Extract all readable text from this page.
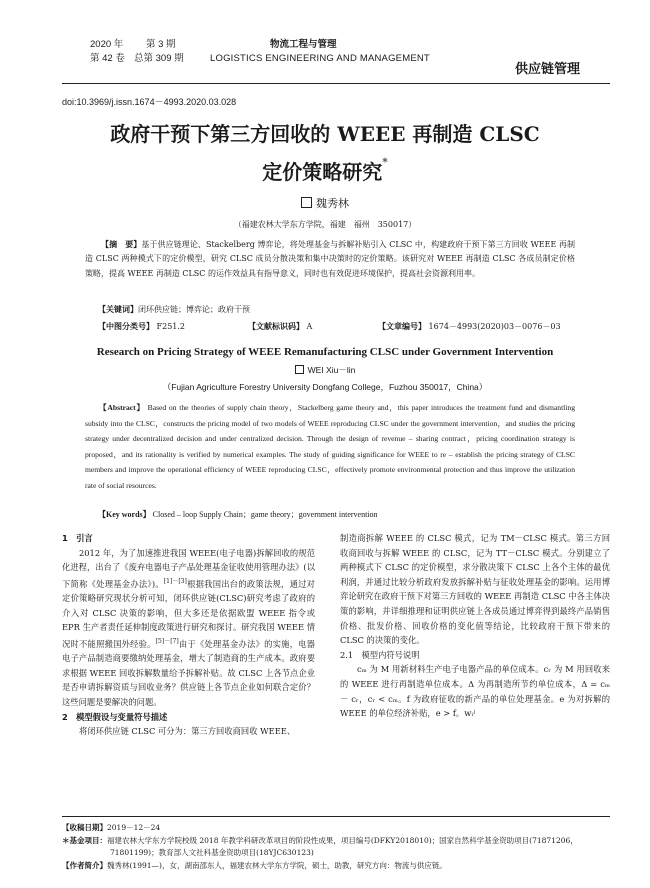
2020 年 第 3 期
第 42 卷 总第 309 期
物流工程与管理
LOGISTICS ENGINEERING AND MANAGEMENT
供应链管理
doi:10.3969/j.issn.1674－4993.2020.03.028
政府干预下第三方回收的 WEEE 再制造 CLSC
定价策略研究*
魏秀林
（福建农林大学东方学院，福建　福州　350017）
【摘　要】基于供应链理论、Stackelberg 博弈论，将处理基金与拆解补贴引入 CLSC 中，构建政府干预下第三方回收 WEEE 再制造 CLSC 两种模式下的定价模型，研究 CLSC 成员分散决策和集中决策时的定价策略。该研究对 WEEE 再制造 CLSC 各成员制定价格策略，提高 WEEE 再制造 CLSC 的运作效益具有指导意义，同时也有效促进环境保护，提高社会资源利用率。
【关键词】闭环供应链；博弈论；政府干预
【中图分类号】 F251.2	【文献标识码】 A	【文章编号】 1674－4993(2020)03－0076－03
Research on Pricing Strategy of WEEE Remanufacturing CLSC under Government Intervention
WEI Xiu－lin
（Fujian Agriculture Forestry University Dongfang College，Fuzhou 350017，China）
【Abstract】 Based on the theories of supply chain theory，Stackelberg game theory and，this paper introduces the treatment fund and dismantling subsidy into the CLSC，constructs the pricing model of two models of WEEE reproducing CLSC under the government intervention，and studies the pricing strategy under decentralized decision and under centralized decision. Through the design of revenue – sharing contract，pricing coordination strategy is proposed，and its rationality is verified by numerical examples. The study of guiding significance for WEEE to re – establish the pricing strategy of CLSC members and improve the operational efficiency of WEEE reproducing CLSC，effectively promote environmental protection and thus improve the utilization rate of social resources.
【Key words】 Closed – loop Supply Chain；game theory；government intervention

1　引言

2012 年，为了加速推进我国 WEEE(电子电器)拆解回收的规范化进程，出台了《废弃电器电子产品处理基金征收使用管理办法》(以下简称《处理基金办法》)。[1]－[3]根据我国出台的政策法规，通过对定价策略研究现状分析可知，闭环供应链(CLSC)研究考虑了政府的介入对 CLSC 决策的影响，但大多还是依据欧盟 WEEE 指令或 EPR 生产者责任延伸制度政策进行研究和探讨。研究我国 WEEE 情况时不能照搬国外经验。[5]－[7]由于《处理基金办法》的实施，电器电子产品制造商要缴纳处理基金，增大了制造商的生产成本。政府要求根据 WEEE 回收拆解数量给予拆解补贴。故 CLSC 上各节点企业是否申请拆解资质与回收业务？供应链上各节点企业如何联合定价？这些问题是要解决的问题。

2　模型假设与变量符号描述

将闭环供应链 CLSC 可分为：第三方回收商回收 WEEE、

制造商拆解 WEEE 的 CLSC 模式，记为 TM－CLSC 模式。第三方回收商回收与拆解 WEEE 的 CLSC，记为 TT－CLSC 模式。分别建立了两种模式下 CLSC 的定价模型，求分散决策下 CLSC 上各个主体的最优利润，并通过比较分析政府发放拆解补贴与征收处理基金的影响。运用博弈论研究在政府干预下对第三方回收的 WEEE 再制造 CLSC 中各主体决策的影响，并详细推理和证明供应链上各成员通过博弈得到最终产品销售价格、批发价格、回收价格的变化值等结论，比较政府干预下带来的 CLSC 的决策的变化。

2.1　模型内符号说明

cₘ 为 M 用新材料生产电子电器产品的单位成本。cᵣ 为 M 用回收来的 WEEE 进行再制造单位成本。Δ 为再制造所节约单位成本，Δ = cₘ － cᵣ，cᵣ < cₘ。f 为政府征收的新产品的单位处理基金。e 为对拆解的 WEEE 的单位经济补贴，e > f。wᵢʲ

【收稿日期】2019－12－24
＊基金项目：福建农林大学东方学院校级 2018 年教学科研改革项目的阶段性成果，项目编号(DFKY2018010)；国家自然科学基金资助项目(71871206，71801199)；教育部人文社科基金资助项目(18YJC630123)
【作者简介】魏秀林(1991—)，女，湖南邵东人，福建农林大学东方学院，硕士，助教，研究方向：物流与供应链。
